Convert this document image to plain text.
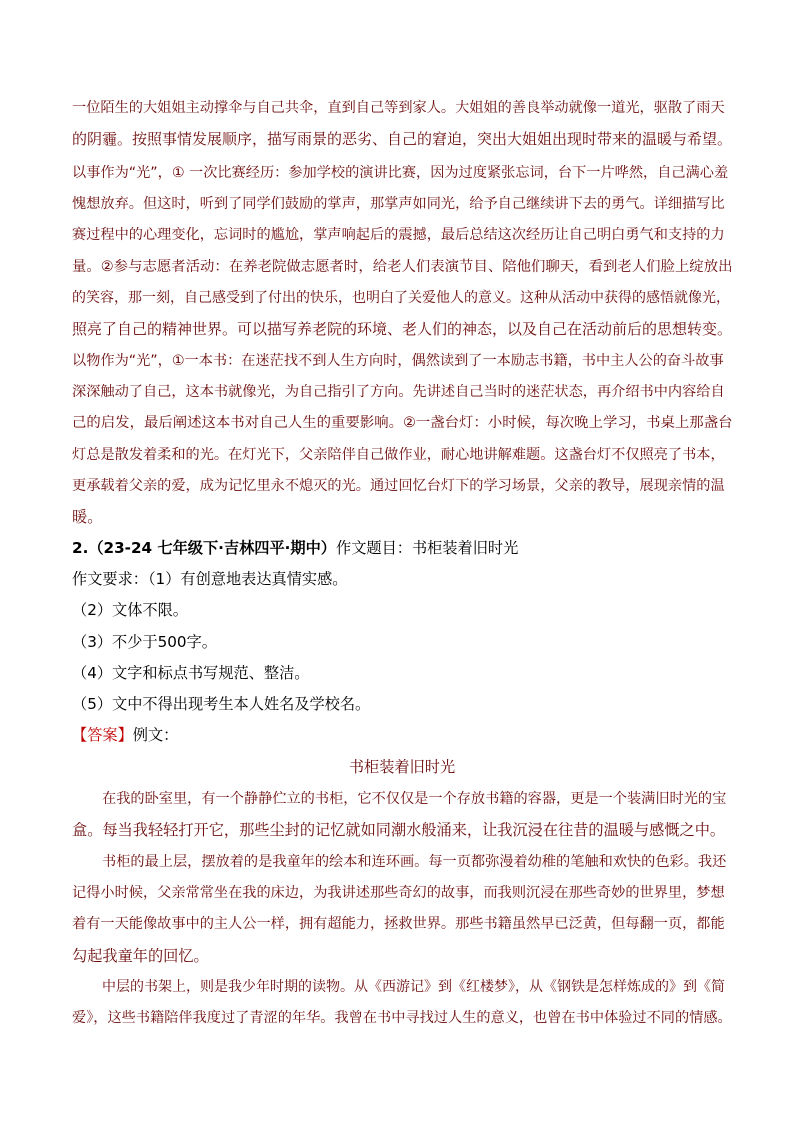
一位陌生的大姐姐主动撑伞与自己共伞，直到自己等到家人。大姐姐的善良举动就像一道光，驱散了雨天
的阴霾。按照事情发展顺序，描写雨景的恶劣、自己的窘迫，突出大姐姐出现时带来的温暖与希望。
以事作为“光”，① 一次比赛经历：参加学校的演讲比赛，因为过度紧张忘词，台下一片哗然，自己满心羞
愧想放弃。但这时，听到了同学们鼓励的掌声，那掌声如同光，给予自己继续讲下去的勇气。详细描写比
赛过程中的心理变化，忘词时的尴尬，掌声响起后的震撼，最后总结这次经历让自己明白勇气和支持的力
量。②参与志愿者活动：在养老院做志愿者时，给老人们表演节目、陪他们聊天，看到老人们脸上绽放出
的笑容，那一刻，自己感受到了付出的快乐，也明白了关爱他人的意义。这种从活动中获得的感悟就像光，
照亮了自己的精神世界。可以描写养老院的环境、老人们的神态，以及自己在活动前后的思想转变。
以物作为“光”，①一本书：在迷茫找不到人生方向时，偶然读到了一本励志书籍，书中主人公的奋斗故事
深深触动了自己，这本书就像光，为自己指引了方向。先讲述自己当时的迷茫状态，再介绍书中内容给自
己的启发，最后阐述这本书对自己人生的重要影响。②一盏台灯：小时候，每次晚上学习，书桌上那盏台
灯总是散发着柔和的光。在灯光下，父亲陪伴自己做作业，耐心地讲解难题。这盏台灯不仅照亮了书本，
更承载着父亲的爱，成为记忆里永不熄灭的光。通过回忆台灯下的学习场景，父亲的教导，展现亲情的温
暖。
2.（23-24 七年级下·吉林四平·期中）作文题目：书柜装着旧时光
作文要求：（1）有创意地表达真情实感。
（2）文体不限。
（3）不少于500字。
（4）文字和标点书写规范、整洁。
（5）文中不得出现考生本人姓名及学校名。
【答案】例文：
书柜装着旧时光
在我的卧室里，有一个静静伫立的书柜，它不仅仅是一个存放书籍的容器，更是一个装满旧时光的宝
盒。每当我轻轻打开它，那些尘封的记忆就如同潮水般涌来，让我沉浸在往昔的温暖与感慨之中。
书柜的最上层，摆放着的是我童年的绘本和连环画。每一页都弥漫着幼稚的笔触和欢快的色彩。我还
记得小时候，父亲常常坐在我的床边，为我讲述那些奇幻的故事，而我则沉浸在那些奇妙的世界里，梦想
着有一天能像故事中的主人公一样，拥有超能力，拯救世界。那些书籍虽然早已泛黄，但每翻一页，都能
勾起我童年的回忆。
中层的书架上，则是我少年时期的读物。从《西游记》到《红楼梦》，从《钢铁是怎样炼成的》到《简
爱》，这些书籍陪伴我度过了青涩的年华。我曾在书中寻找过人生的意义，也曾在书中体验过不同的情感。
